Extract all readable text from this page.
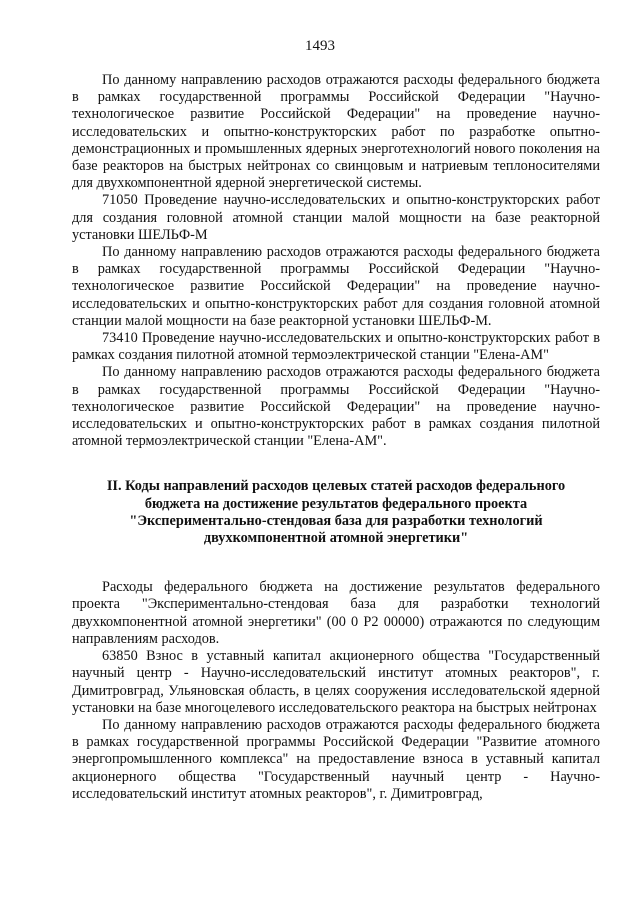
1493

По данному направлению расходов отражаются расходы федерального бюджета в рамках государственной программы Российской Федерации "Научно-технологическое развитие Российской Федерации" на проведение научно-исследовательских и опытно-конструкторских работ по разработке опытно-демонстрационных и промышленных ядерных энерготехнологий нового поколения на базе реакторов на быстрых нейтронах со свинцовым и натриевым теплоносителями для двухкомпонентной ядерной энергетической системы.

71050 Проведение научно-исследовательских и опытно-конструкторских работ для создания головной атомной станции малой мощности на базе реакторной установки ШЕЛЬФ-М

По данному направлению расходов отражаются расходы федерального бюджета в рамках государственной программы Российской Федерации "Научно-технологическое развитие Российской Федерации" на проведение научно-исследовательских и опытно-конструкторских работ для создания головной атомной станции малой мощности на базе реакторной установки ШЕЛЬФ-М.

73410 Проведение научно-исследовательских и опытно-конструкторских работ в рамках создания пилотной атомной термоэлектрической станции "Елена-АМ"

По данному направлению расходов отражаются расходы федерального бюджета в рамках государственной программы Российской Федерации "Научно-технологическое развитие Российской Федерации" на проведение научно-исследовательских и опытно-конструкторских работ в рамках создания пилотной атомной термоэлектрической станции "Елена-АМ".

II. Коды направлений расходов целевых статей расходов федерального
бюджета на достижение результатов федерального проекта
"Экспериментально-стендовая база для разработки технологий
двухкомпонентной атомной энергетики"

Расходы федерального бюджета на достижение результатов федерального проекта "Экспериментально-стендовая база для разработки технологий двухкомпонентной атомной энергетики" (00 0 Р2 00000) отражаются по следующим направлениям расходов.

63850 Взнос в уставный капитал акционерного общества "Государственный научный центр - Научно-исследовательский институт атомных реакторов", г. Димитровград, Ульяновская область, в целях сооружения исследовательской ядерной установки на базе многоцелевого исследовательского реактора на быстрых нейтронах

По данному направлению расходов отражаются расходы федерального бюджета в рамках государственной программы Российской Федерации "Развитие атомного энергопромышленного комплекса" на предоставление взноса в уставный капитал акционерного общества "Государственный научный центр - Научно-исследовательский институт атомных реакторов", г. Димитровград,
